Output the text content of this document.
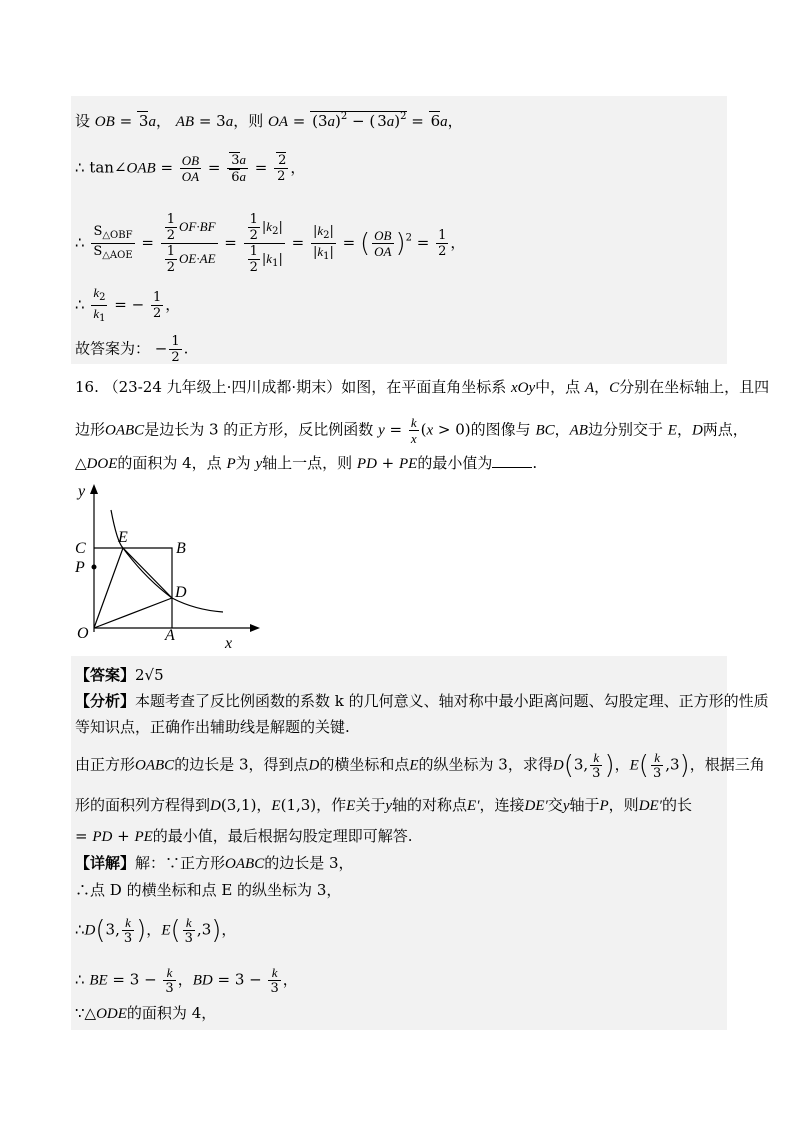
设 OB = 3a， AB = 3a，则 OA = $(3a)^2$ − ( 3a)$^2$ = 6a，
∴ tan∠OAB = $\frac{OB}{OA} = \frac{3a}{6a} = \frac{2}{2}$ ，
∴ $\frac{S_{\triangle OBF}}{S_{\triangle AOE}} = \frac{\frac{1}{2} OF\cdot BF}{\frac{1}{2} OE\cdot AE} = \frac{\frac{1}{2} |k_2|}{\frac{1}{2} |k_1|} = \frac{|k_2|}{|k_1|}$ = ( $\frac{OB}{OA} )^2 = \frac{1}{2}$ ，
∴ $\frac{k_2}{k_1}$ = − $\frac{1}{2}$ ，
故答案为： − $\frac{1}{2}$ .
16. （23-24 九年级上·四川成都·期末）如图，在平面直角坐标系 xOy中，点 A，C分别在坐标轴上，且四
边形OABC是边长为 3 的正方形，反比例函数 $y = \frac{k}{x} (x > 0)$的图像与 BC，AB边分别交于 E，D两点，
△DOE的面积为 4，点 P为 y轴上一点，则 PD + PE的最小值为	.
y
x
C
E
B
P
D
O	A
【答案】2√5
【分析】本题考查了反比例函数的系数 k 的几何意义、轴对称中最小距离问题、勾股定理、正方形的性质
等知识点，正确作出辅助线是解题的关键.
由正方形OABC的边长是 3，得到点D的横坐标和点E的纵坐标为 3，求得D(3, $\frac{k}{3}$ )，$E( \frac{k}{3} ,3)$，根据三角
形的面积列方程得到D(3,1)，E(1,3)，作E关于y轴的对称点E′，连接DE′交y轴于P，则DE′的长
= PD + PE的最小值，最后根据勾股定理即可解答.
【详解】解：∵正方形OABC的边长是 3，
∴点 D 的横坐标和点 E 的纵坐标为 3，
∴D(3, $\frac{k}{3}$ )，$E( \frac{k}{3} ,3)$，
∴ BE = $3 - \frac{k}{3}$ ，BD = $3 - \frac{k}{3}$ ，
∵△ODE的面积为 4，
